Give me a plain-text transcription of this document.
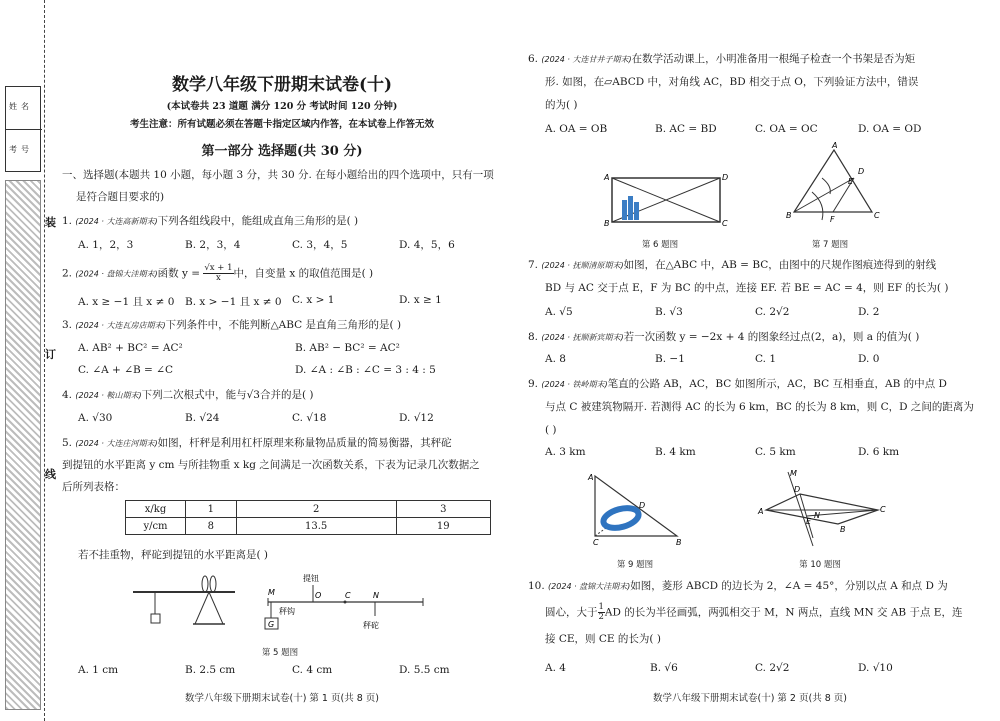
姓名
考号
装
订
线
数学八年级下册期末试卷(十)
(本试卷共 23 道题 满分 120 分 考试时间 120 分钟)
考生注意：所有试题必须在答题卡指定区域内作答，在本试卷上作答无效
第一部分 选择题(共 30 分)
一、选择题(本题共 10 小题，每小题 3 分，共 30 分. 在每小题给出的四个选项中，只有一项
是符合题目要求的)
1. (2024 · 大连高新期末)下列各组线段中，能组成直角三角形的是( )
A. 1，2，3	B. 2，3，4	C. 3，4，5	D. 4，5，6
2. (2024 · 盘锦大洼期末)函数 $y = \frac{√x + 1}{x}$ 中，自变量 x 的取值范围是( )
A. x ≥ −1 且 x ≠ 0 B. x > −1 且 x ≠ 0 C. x > 1	D. x ≥ 1
3. (2024 · 大连瓦房店期末)下列条件中，不能判断△ABC 是直角三角形的是( )
A. AB² + BC² = AC²	B. AB² − BC² = AC²
C. ∠A + ∠B = ∠C	D. ∠A : ∠B : ∠C = 3 : 4 : 5
4. (2024 · 鞍山期末)下列二次根式中，能与√3合并的是( )
A. √30	B. √24	C. √18	D. √12
5. (2024 · 大连庄河期末)如图，杆秤是利用杠杆原理来称量物品质量的简易衡器，其秤砣
到提钮的水平距离 y cm 与所挂物重 x kg 之间满足一次函数关系，下表为记录几次数据之
后所列表格：
x/kg	1	2	3
y/cm	8	13.5	19
若不挂重物，秤砣到提钮的水平距离是( )
提钮
M	O	C	N
秤砣
G
秤钩
第 5 题图
A. 1 cm	B. 2.5 cm	C. 4 cm	D. 5.5 cm
数学八年级下册期末试卷(十) 第 1 页(共 8 页)
6. (2024 · 大连甘井子期末)在数学活动课上，小明准备用一根绳子检查一个书架是否为矩
形. 如图，在▱ABCD 中，对角线 AC，BD 相交于点 O，下列验证方法中，错误
的为( )
A. OA = OB	B. AC = BD	C. OA = OC	D. OA = OD
A	D
B	C
第 6 题图
A
B	C
D
E
F
第 7 题图
7. (2024 · 抚顺清原期末)如图，在△ABC 中，AB = BC，由图中的尺规作图痕迹得到的射线
BD 与 AC 交于点 E，F 为 BC 的中点，连接 EF. 若 BE = AC = 4，则 EF 的长为( )
A. √5	B. √3	C. 2√2	D. 2
8. (2024 · 抚顺新宾期末)若一次函数 y = −2x + 4 的图象经过点(2，a)，则 a 的值为( )
A. 8	B. −1	C. 1	D. 0
9. (2024 · 铁岭期末)笔直的公路 AB，AC，BC 如图所示，AC，BC 互相垂直，AB 的中点 D
与点 C 被建筑物隔开. 若测得 AC 的长为 6 km，BC 的长为 8 km，则 C，D 之间的距离为
( )
A. 3 km	B. 4 km	C. 5 km	D. 6 km
A
D
C	B
第 9 题图
A
D
C
B
M
E
N
第 10 题图
10. (2024 · 盘锦大洼期末)如图，菱形 ABCD 的边长为 2，∠A = 45°，分别以点 A 和点 D 为
圆心，大于 $\frac{1}{2}$ AD 的长为半径画弧，两弧相交于 M，N 两点，直线 MN 交 AB 于点 E，连
接 CE，则 CE 的长为( )
A. 4	B. √6	C. 2√2	D. √10
数学八年级下册期末试卷(十) 第 2 页(共 8 页)
